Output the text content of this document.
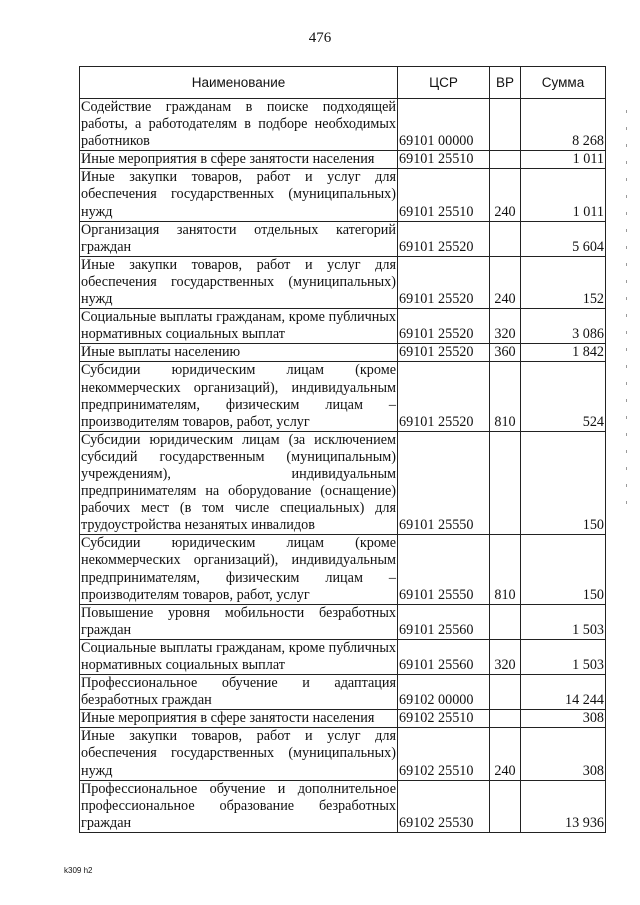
476
Наименование	ЦСР	ВР	Сумма
Содействие гражданам в поиске подходящей работы, а работодателям в подборе необходимых работников	69101 00000		8 268
Иные мероприятия в сфере занятости населения	69101 25510		1 011
Иные закупки товаров, работ и услуг для обеспечения государственных (муниципальных) нужд	69101 25510	240	1 011
Организация занятости отдельных категорий граждан	69101 25520		5 604
Иные закупки товаров, работ и услуг для обеспечения государственных (муниципальных) нужд	69101 25520	240	152
Социальные выплаты гражданам, кроме публичных нормативных социальных выплат	69101 25520	320	3 086
Иные выплаты населению	69101 25520	360	1 842
Субсидии юридическим лицам (кроме некоммерческих организаций), индивидуальным предпринимателям, физическим лицам – производителям товаров, работ, услуг	69101 25520	810	524
Субсидии юридическим лицам (за исключением субсидий государственным (муниципальным) учреждениям), индивидуальным предпринимателям на оборудование (оснащение) рабочих мест (в том числе специальных) для трудоустройства незанятых инвалидов	69101 25550		150
Субсидии юридическим лицам (кроме некоммерческих организаций), индивидуальным предпринимателям, физическим лицам – производителям товаров, работ, услуг	69101 25550	810	150
Повышение уровня мобильности безработных граждан	69101 25560		1 503
Социальные выплаты гражданам, кроме публичных нормативных социальных выплат	69101 25560	320	1 503
Профессиональное обучение и адаптация безработных граждан	69102 00000		14 244
Иные мероприятия в сфере занятости населения	69102 25510		308
Иные закупки товаров, работ и услуг для обеспечения государственных (муниципальных) нужд	69102 25510	240	308
Профессиональное обучение и дополнительное профессиональное образование безработных граждан	69102 25530		13 936
k309 h2
